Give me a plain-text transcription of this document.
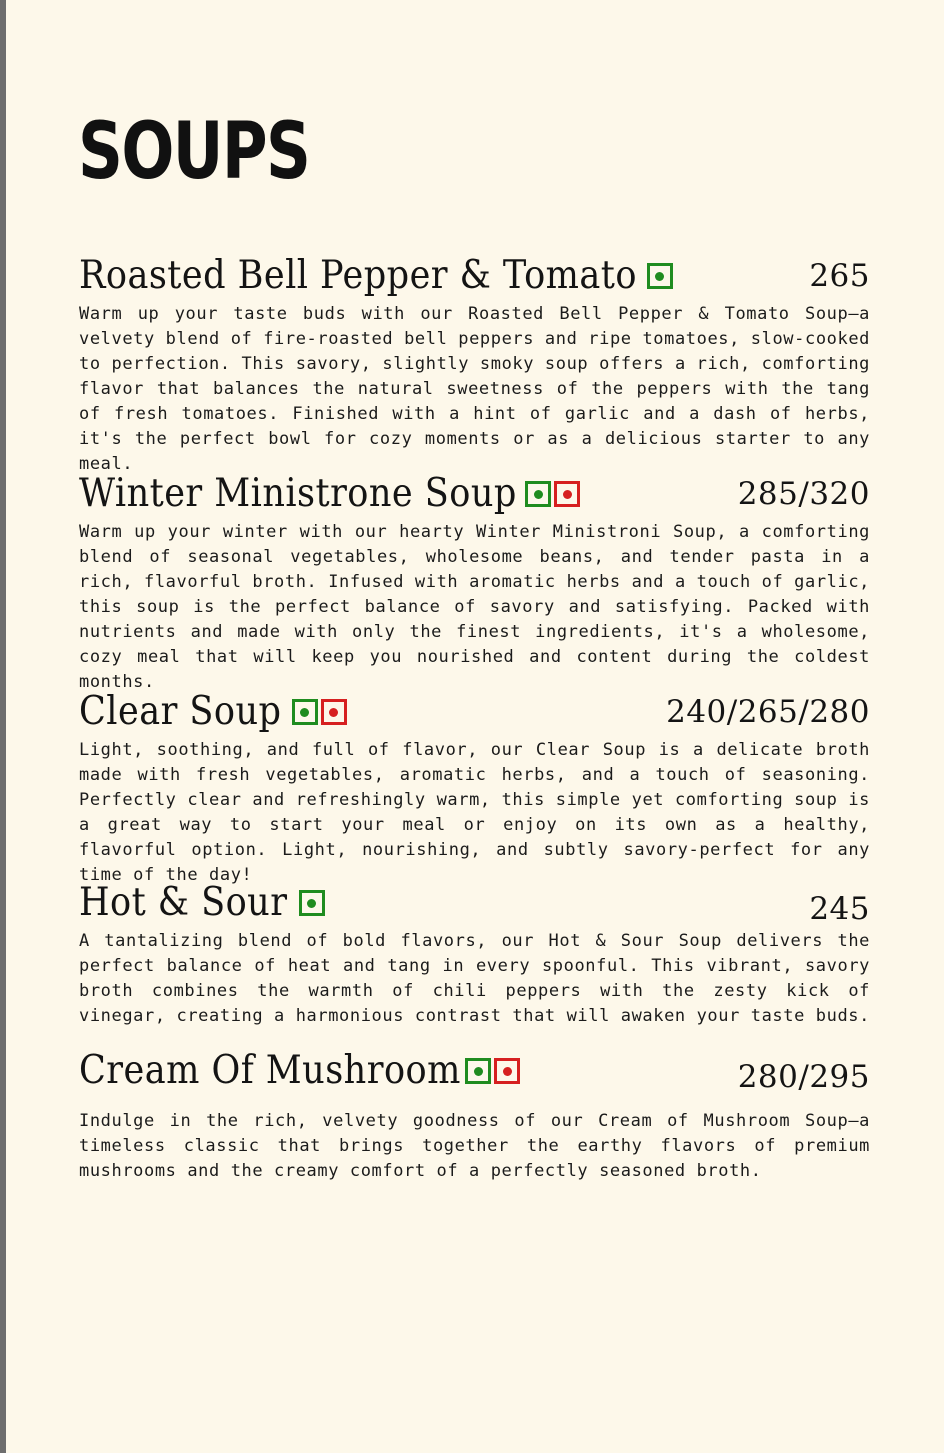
SOUPS
Roasted Bell Pepper & Tomato	265

Warm up your taste buds with our Roasted Bell Pepper & Tomato Soup—a velvety blend of fire-roasted bell peppers and ripe tomatoes, slow-cooked to perfection. This savory, slightly smoky soup offers a rich, comforting flavor that balances the natural sweetness of the peppers with the tang of fresh tomatoes. Finished with a hint of garlic and a dash of herbs, it's the perfect bowl for cozy moments or as a delicious starter to any meal.

Winter Ministrone Soup	285/320

Warm up your winter with our hearty Winter Ministroni Soup, a comforting blend of seasonal vegetables, wholesome beans, and tender pasta in a rich, flavorful broth. Infused with aromatic herbs and a touch of garlic, this soup is the perfect balance of savory and satisfying. Packed with nutrients and made with only the finest ingredients, it's a wholesome, cozy meal that will keep you nourished and content during the coldest months.

Clear Soup	240/265/280

Light, soothing, and full of flavor, our Clear Soup is a delicate broth made with fresh vegetables, aromatic herbs, and a touch of seasoning. Perfectly clear and refreshingly warm, this simple yet comforting soup is a great way to start your meal or enjoy on its own as a healthy, flavorful option. Light, nourishing, and subtly savory-perfect for any time of the day!

Hot & Sour	245

A tantalizing blend of bold flavors, our Hot & Sour Soup delivers the perfect balance of heat and tang in every spoonful. This vibrant, savory broth combines the warmth of chili peppers with the zesty kick of vinegar, creating a harmonious contrast that will awaken your taste buds.

Cream Of Mushroom	280/295

Indulge in the rich, velvety goodness of our Cream of Mushroom Soup—a timeless classic that brings together the earthy flavors of premium mushrooms and the creamy comfort of a perfectly seasoned broth.
